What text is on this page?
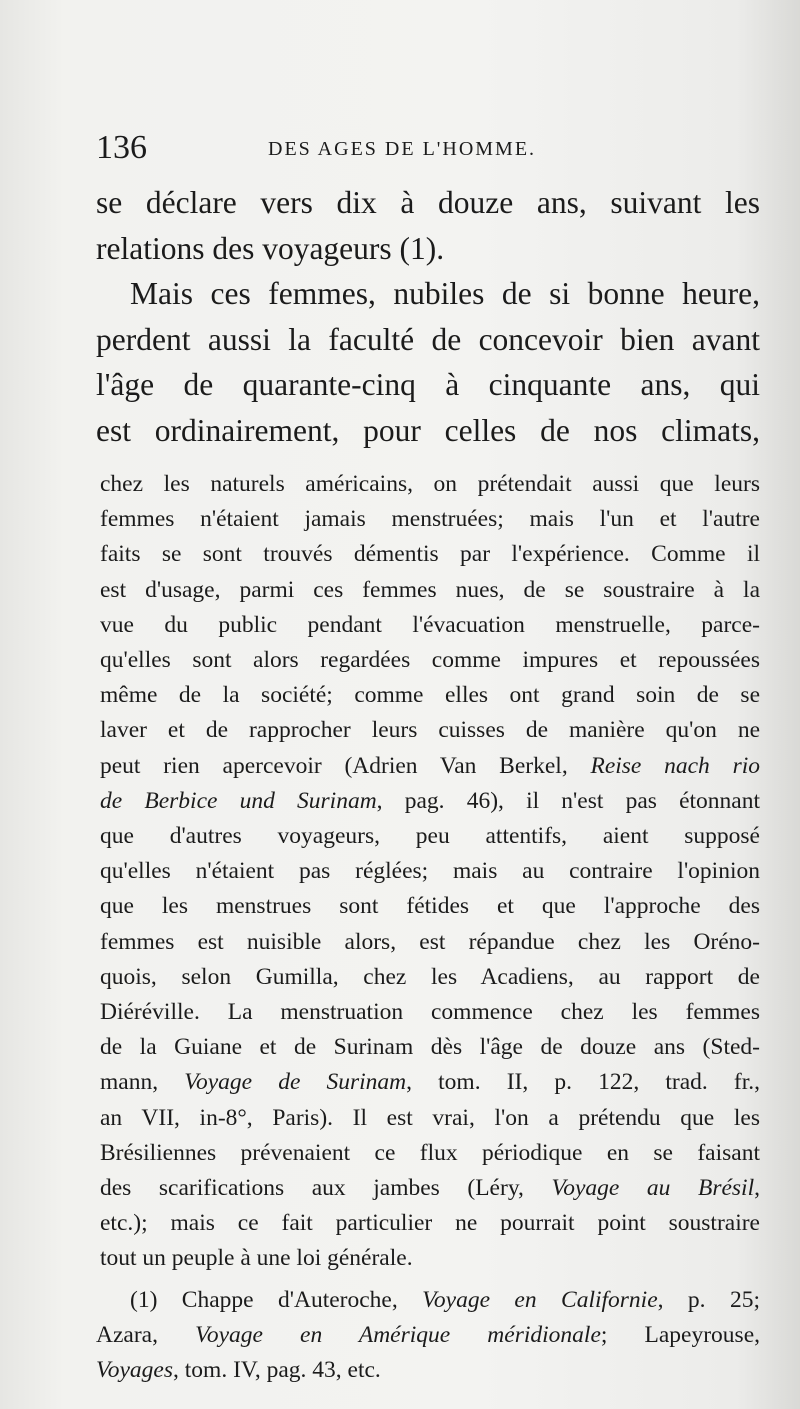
136	DES AGES DE L'HOMME.
se déclare vers dix à douze ans, suivant les
relations des voyageurs (1).
Mais ces femmes, nubiles de si bonne heure,
perdent aussi la faculté de concevoir bien avant
l'âge de quarante-cinq à cinquante ans, qui
est ordinairement, pour celles de nos climats,
chez les naturels américains, on prétendait aussi que leurs
femmes n'étaient jamais menstruées; mais l'un et l'autre
faits se sont trouvés démentis par l'expérience. Comme il
est d'usage, parmi ces femmes nues, de se soustraire à la
vue du public pendant l'évacuation menstruelle, parce-
qu'elles sont alors regardées comme impures et repoussées
même de la société; comme elles ont grand soin de se
laver et de rapprocher leurs cuisses de manière qu'on ne
peut rien apercevoir (Adrien Van Berkel, Reise nach rio
de Berbice und Surinam, pag. 46), il n'est pas étonnant
que d'autres voyageurs, peu attentifs, aient supposé
qu'elles n'étaient pas réglées; mais au contraire l'opinion
que les menstrues sont fétides et que l'approche des
femmes est nuisible alors, est répandue chez les Oréno-
quois, selon Gumilla, chez les Acadiens, au rapport de
Diéréville. La menstruation commence chez les femmes
de la Guiane et de Surinam dès l'âge de douze ans (Sted-
mann, Voyage de Surinam, tom. II, p. 122, trad. fr.,
an VII, in-8°, Paris). Il est vrai, l'on a prétendu que les
Brésiliennes prévenaient ce flux périodique en se faisant
des scarifications aux jambes (Léry, Voyage au Brésil,
etc.); mais ce fait particulier ne pourrait point soustraire
tout un peuple à une loi générale.
(1) Chappe d'Auteroche, Voyage en Californie, p. 25;
Azara, Voyage en Amérique méridionale; Lapeyrouse,
Voyages, tom. IV, pag. 43, etc.
